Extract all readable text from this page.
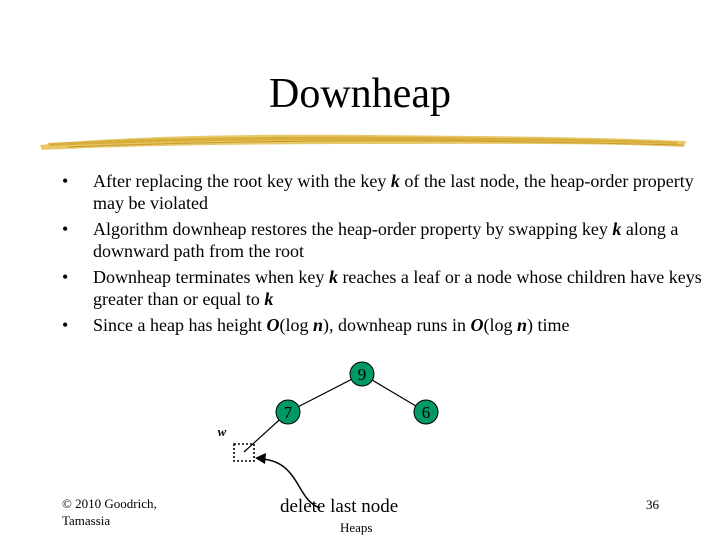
Downheap
• After replacing the root key with the key k of the last node, the heap-order property may be violated
• Algorithm downheap restores the heap-order property by swapping key k along a downward path from the root
• Downheap terminates when key k reaches a leaf or a node whose children have keys greater than or equal to k
• Since a heap has height O(log n), downheap runs in O(log n) time
9
7	6
w
delete last node
© 2010 Goodrich,
Tamassia	Heaps
36
